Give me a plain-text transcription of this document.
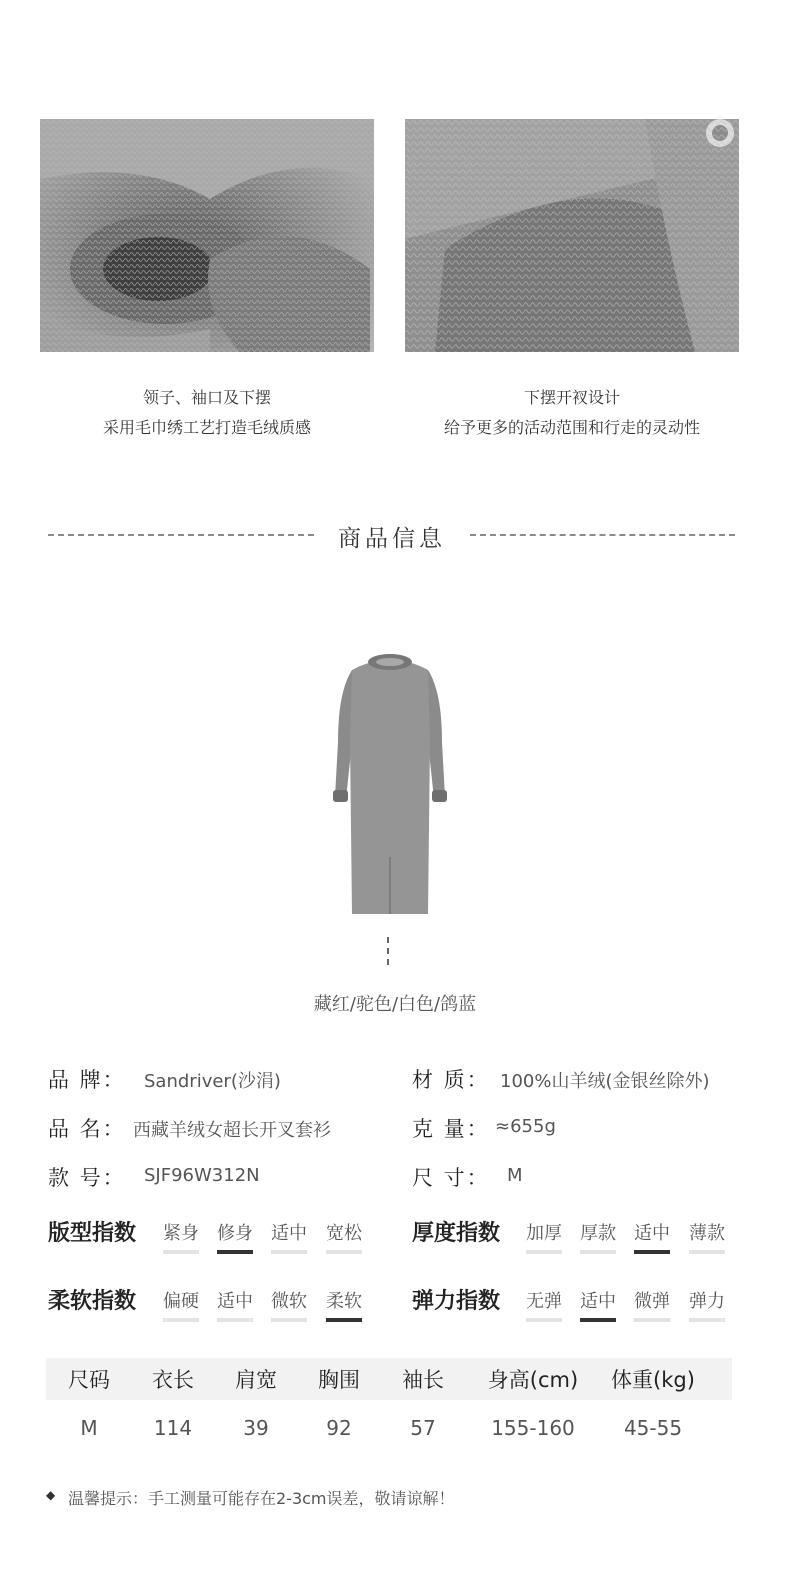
领子、袖口及下摆
采用毛巾绣工艺打造毛绒质感
下摆开衩设计
给予更多的活动范围和行走的灵动性
商品信息
藏红/驼色/白色/鸽蓝
品 牌： Sandriver(沙涓)	材 质： 100%山羊绒(金银丝除外)
品 名： 西藏羊绒女超长开叉套衫	克 量： ≈655g
款 号： SJF96W312N	尺 寸： M
版型指数 紧身 修身 适中 宽松 厚度指数 加厚 厚款 适中 薄款
柔软指数 偏硬 适中 微软 柔软 弹力指数 无弹 适中 微弹 弹力
尺码	衣长	肩宽	胸围	袖长	身高(cm)	体重(kg)
M	114	39	92	57	155-160	45-55
◆ 温馨提示：手工测量可能存在2-3cm误差，敬请谅解！
